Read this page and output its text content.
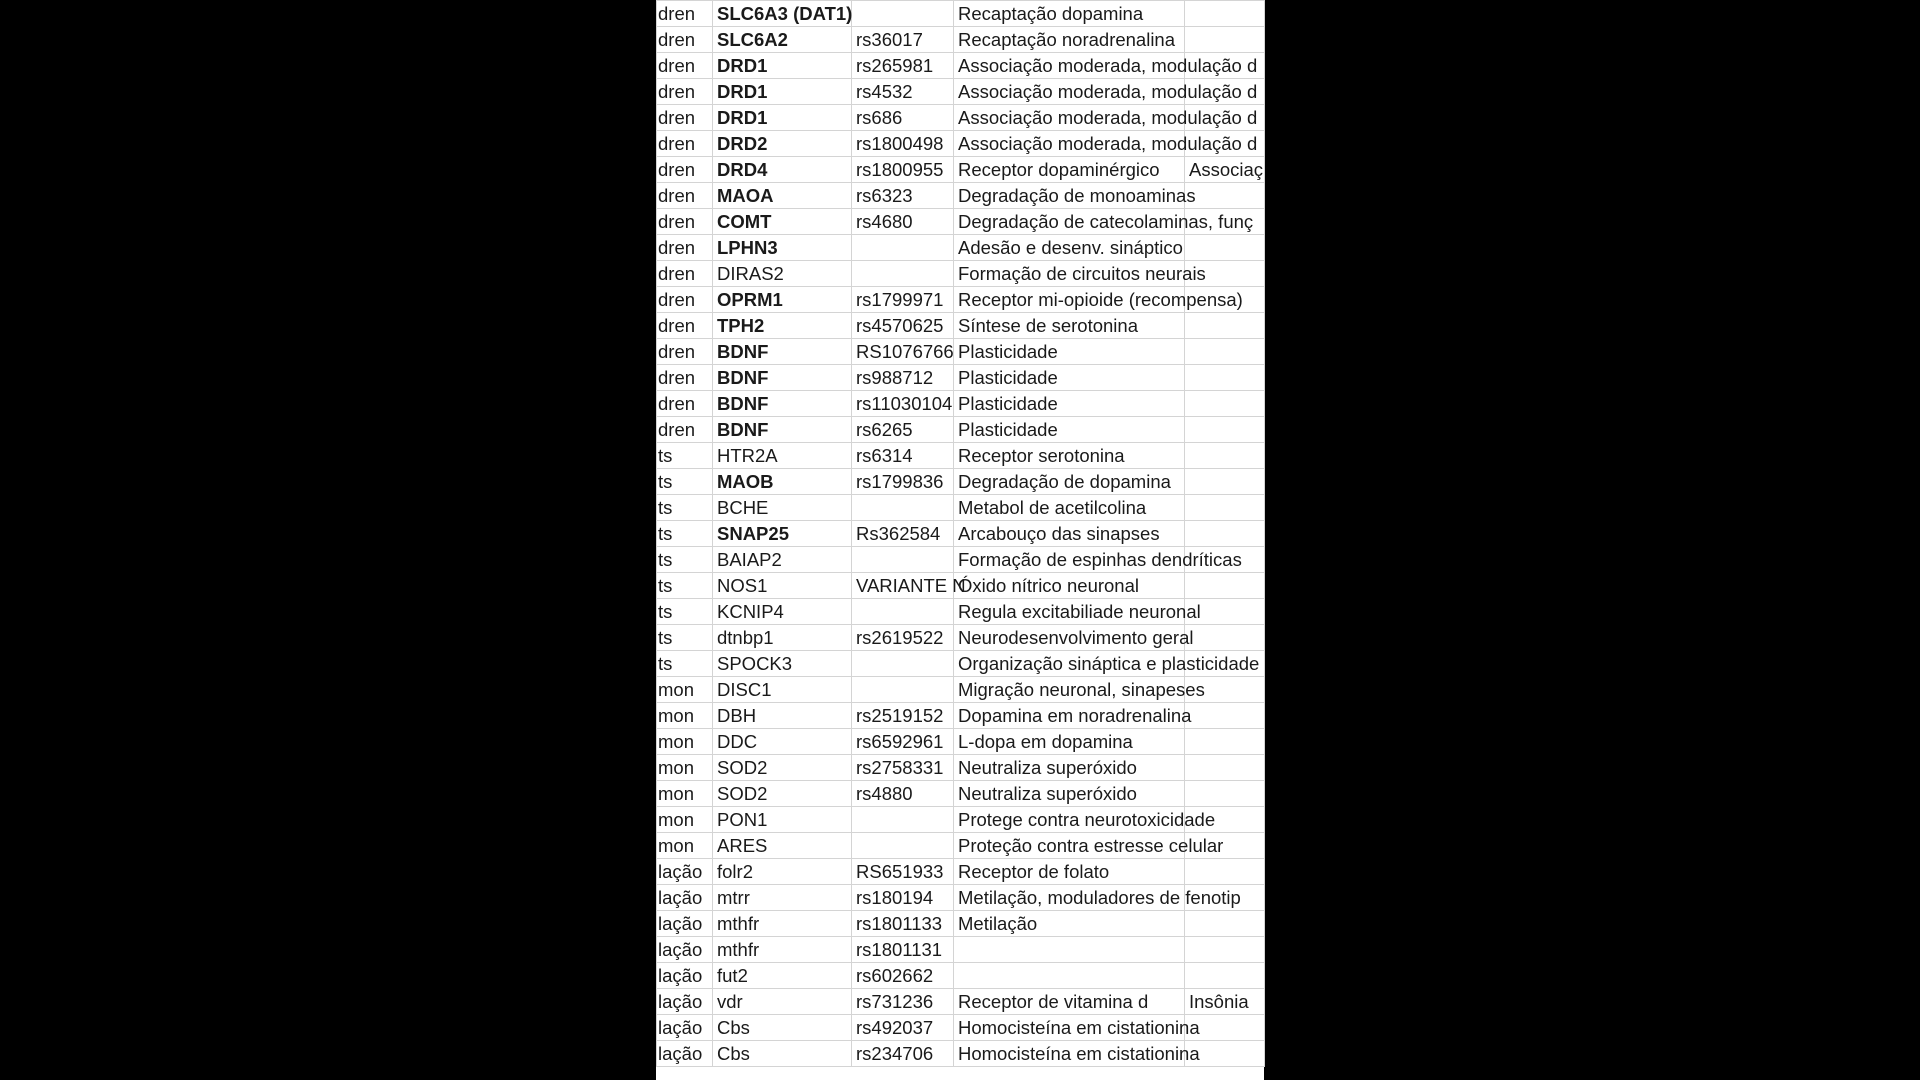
dren	SLC6A3 (DAT1)		Recaptação dopamina	
dren	SLC6A2	rs36017	Recaptação noradrenalina	
dren	DRD1	rs265981	Associação moderada, modulação d	
dren	DRD1	rs4532	Associação moderada, modulação d	
dren	DRD1	rs686	Associação moderada, modulação d	
dren	DRD2	rs1800498	Associação moderada, modulação d	
dren	DRD4	rs1800955	Receptor dopaminérgico	Associaç
dren	MAOA	rs6323	Degradação de monoaminas	
dren	COMT	rs4680	Degradação de catecolaminas, funç	
dren	LPHN3		Adesão e desenv. sináptico	
dren	DIRAS2		Formação de circuitos neurais	
dren	OPRM1	rs1799971	Receptor mi-opioide (recompensa)	
dren	TPH2	rs4570625	Síntese de serotonina	
dren	BDNF	RS1076766	Plasticidade	
dren	BDNF	rs988712	Plasticidade	
dren	BDNF	rs11030104	Plasticidade	
dren	BDNF	rs6265	Plasticidade	
ts	HTR2A	rs6314	Receptor serotonina	
ts	MAOB	rs1799836	Degradação de dopamina	
ts	BCHE		Metabol de acetilcolina	
ts	SNAP25	Rs362584	Arcabouço das sinapses	
ts	BAIAP2		Formação de espinhas dendríticas	
ts	NOS1	VARIANTE N	Óxido nítrico neuronal	
ts	KCNIP4		Regula excitabiliade neuronal	
ts	dtnbp1	rs2619522	Neurodesenvolvimento geral	
ts	SPOCK3		Organização sináptica e plasticidade	
mon	DISC1		Migração neuronal, sinapeses	
mon	DBH	rs2519152	Dopamina em noradrenalina	
mon	DDC	rs6592961	L-dopa em dopamina	
mon	SOD2	rs2758331	Neutraliza superóxido	
mon	SOD2	rs4880	Neutraliza superóxido	
mon	PON1		Protege contra neurotoxicidade	
mon	ARES		Proteção contra estresse celular	
lação	folr2	RS651933	Receptor de folato	
lação	mtrr	rs180194	Metilação, moduladores de fenotip	
lação	mthfr	rs1801133	Metilação	
lação	mthfr	rs1801131		
lação	fut2	rs602662		
lação	vdr	rs731236	Receptor de vitamina d	Insônia
lação	Cbs	rs492037	Homocisteína em cistationina	
lação	Cbs	rs234706	Homocisteína em cistationina	
